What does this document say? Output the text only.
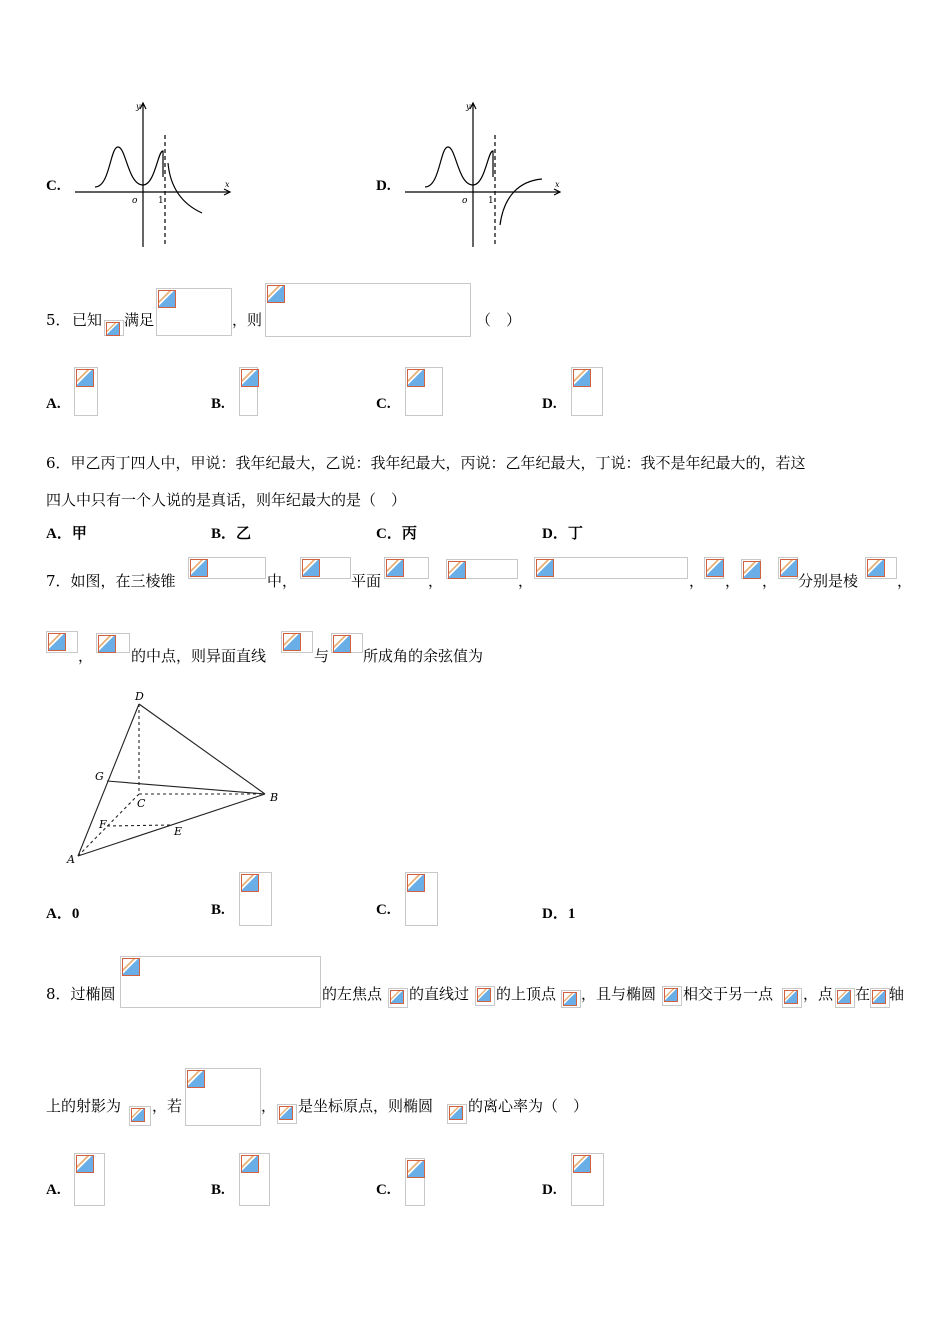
C.
y
x
o 1
D.
y
x
o 1
5． 已知 满足	，则	（　）
A.	B.	C.	D.
6．甲乙丙丁四人中，甲说：我年纪最大，乙说：我年纪最大，丙说：乙年纪最大，丁说：我不是年纪最大的，若这
四人中只有一个人说的是真话，则年纪最大的是（　）
A．甲	B．乙	C．丙	D．丁
7．如图，在三棱锥	中，	平面	，	，	， ， ， 分别是棱	，
，	的中点，则异面直线	与 所成角的余弦值为
D
G
C	B
F
E
A
A．0	B.	C.	D．1
8．过椭圆	的左焦点 的直线过 的上顶点 ，且与椭圆 相交于另一点 ，点 在 轴
上的射影为 ，若	， 是坐标原点，则椭圆 的离心率为（　）
A.	B.	C.	D.
